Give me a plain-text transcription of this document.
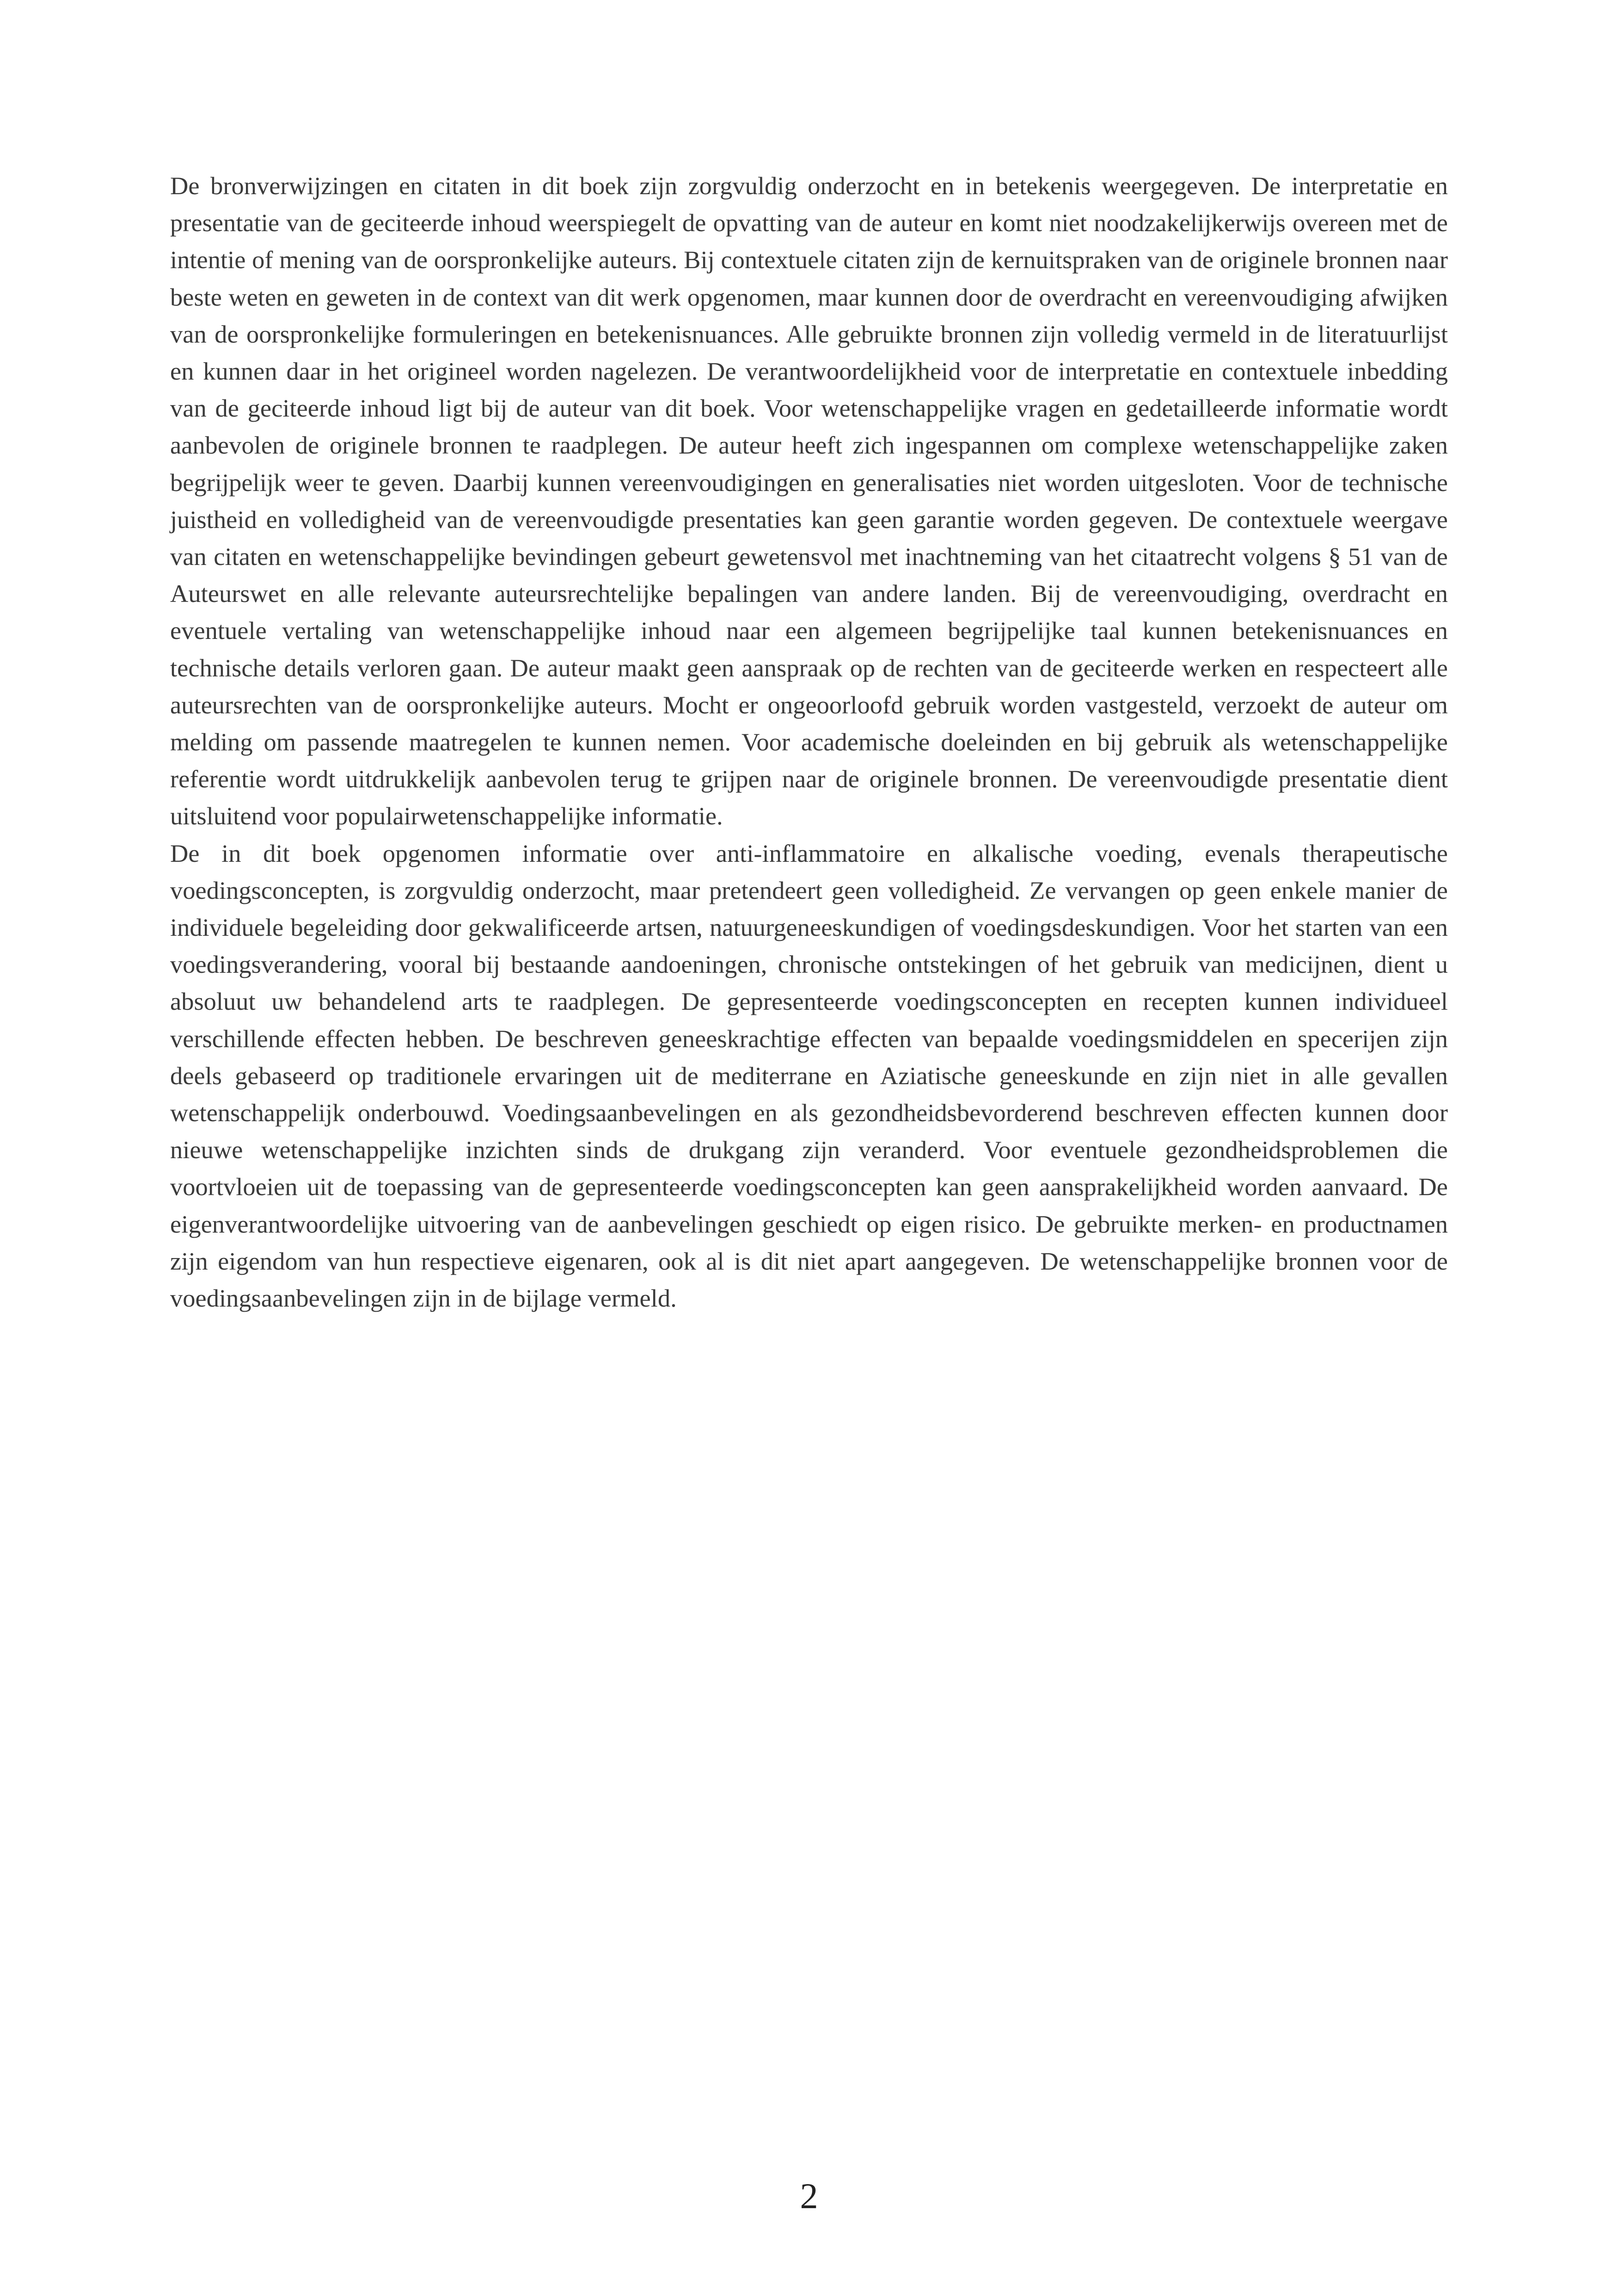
De bronverwijzingen en citaten in dit boek zijn zorgvuldig onderzocht en in betekenis weergegeven. De interpretatie en presentatie van de geciteerde inhoud weerspiegelt de opvatting van de auteur en komt niet noodzakelijkerwijs overeen met de intentie of mening van de oorspronkelijke auteurs. Bij contextuele citaten zijn de kernuitspraken van de originele bronnen naar beste weten en geweten in de context van dit werk opgenomen, maar kunnen door de overdracht en vereenvoudiging afwijken van de oorspronkelijke formuleringen en betekenisnuances. Alle gebruikte bronnen zijn volledig vermeld in de literatuurlijst en kunnen daar in het origineel worden nagelezen. De verantwoordelijkheid voor de interpretatie en contextuele inbedding van de geciteerde inhoud ligt bij de auteur van dit boek. Voor wetenschappelijke vragen en gedetailleerde informatie wordt aanbevolen de originele bronnen te raadplegen. De auteur heeft zich ingespannen om complexe wetenschappelijke zaken begrijpelijk weer te geven. Daarbij kunnen vereenvoudigingen en generalisaties niet worden uitgesloten. Voor de technische juistheid en volledigheid van de vereenvoudigde presentaties kan geen garantie worden gegeven. De contextuele weergave van citaten en wetenschappelijke bevindingen gebeurt gewetensvol met inachtneming van het citaatrecht volgens § 51 van de Auteurswet en alle relevante auteursrechtelijke bepalingen van andere landen. Bij de vereenvoudiging, overdracht en eventuele vertaling van wetenschappelijke inhoud naar een algemeen begrijpelijke taal kunnen betekenisnuances en technische details verloren gaan. De auteur maakt geen aanspraak op de rechten van de geciteerde werken en respecteert alle auteursrechten van de oorspronkelijke auteurs. Mocht er ongeoorloofd gebruik worden vastgesteld, verzoekt de auteur om melding om passende maatregelen te kunnen nemen. Voor academische doeleinden en bij gebruik als wetenschappelijke referentie wordt uitdrukkelijk aanbevolen terug te grijpen naar de originele bronnen. De vereenvoudigde presentatie dient uitsluitend voor populairwetenschappelijke informatie.

De in dit boek opgenomen informatie over anti-inflammatoire en alkalische voeding, evenals therapeutische voedingsconcepten, is zorgvuldig onderzocht, maar pretendeert geen volledigheid. Ze vervangen op geen enkele manier de individuele begeleiding door gekwalificeerde artsen, natuurgeneeskundigen of voedingsdeskundigen. Voor het starten van een voedingsverandering, vooral bij bestaande aandoeningen, chronische ontstekingen of het gebruik van medicijnen, dient u absoluut uw behandelend arts te raadplegen. De gepresenteerde voedingsconcepten en recepten kunnen individueel verschillende effecten hebben. De beschreven geneeskrachtige effecten van bepaalde voedingsmiddelen en specerijen zijn deels gebaseerd op traditionele ervaringen uit de mediterrane en Aziatische geneeskunde en zijn niet in alle gevallen wetenschappelijk onderbouwd. Voedingsaanbevelingen en als gezondheidsbevorderend beschreven effecten kunnen door nieuwe wetenschappelijke inzichten sinds de drukgang zijn veranderd. Voor eventuele gezondheidsproblemen die voortvloeien uit de toepassing van de gepresenteerde voedingsconcepten kan geen aansprakelijkheid worden aanvaard. De eigenverantwoordelijke uitvoering van de aanbevelingen geschiedt op eigen risico. De gebruikte merken- en productnamen zijn eigendom van hun respectieve eigenaren, ook al is dit niet apart aangegeven. De wetenschappelijke bronnen voor de voedingsaanbevelingen zijn in de bijlage vermeld.

2
